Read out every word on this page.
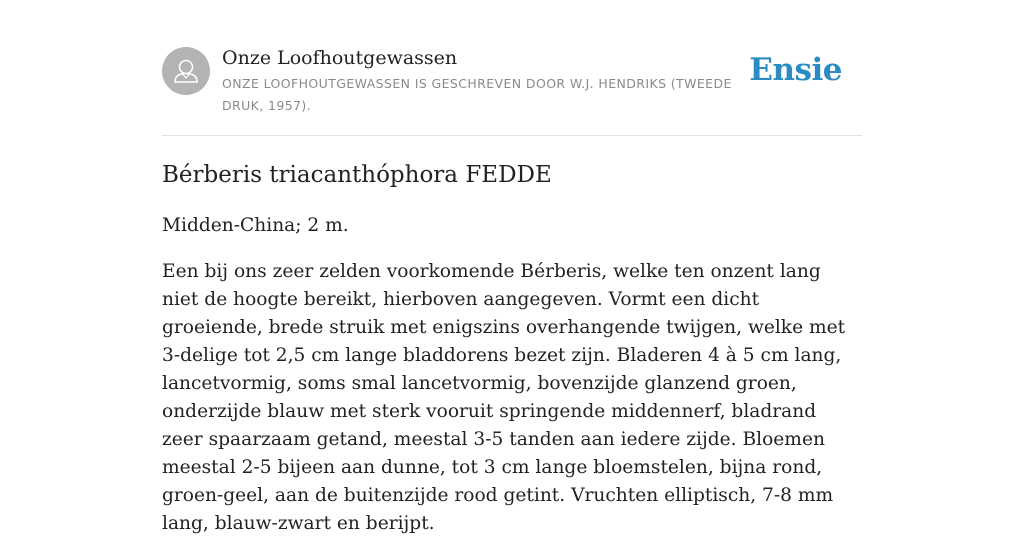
Onze Loofhoutgewassen

ONZE LOOFHOUTGEWASSEN IS GESCHREVEN DOOR W.J. HENDRIKS (TWEEDE DRUK, 1957).

Ensie
Bérberis triacanthóphora FEDDE

Midden-China; 2 m.

Een bij ons zeer zelden voorkomende Bérberis, welke ten onzent lang niet de hoogte bereikt, hierboven aangegeven. Vormt een dicht groeiende, brede struik met enigszins overhangende twijgen, welke met 3-delige tot 2,5 cm lange bladdorens bezet zijn. Bladeren 4 à 5 cm lang, lancetvormig, soms smal lancetvormig, bovenzijde glanzend groen, onderzijde blauw met sterk vooruit springende middennerf, bladrand zeer spaarzaam getand, meestal 3-5 tanden aan iedere zijde. Bloemen meestal 2-5 bijeen aan dunne, tot 3 cm lange bloemstelen, bijna rond, groen-geel, aan de buitenzijde rood getint. Vruchten elliptisch, 7-8 mm lang, blauw-zwart en berijpt.
